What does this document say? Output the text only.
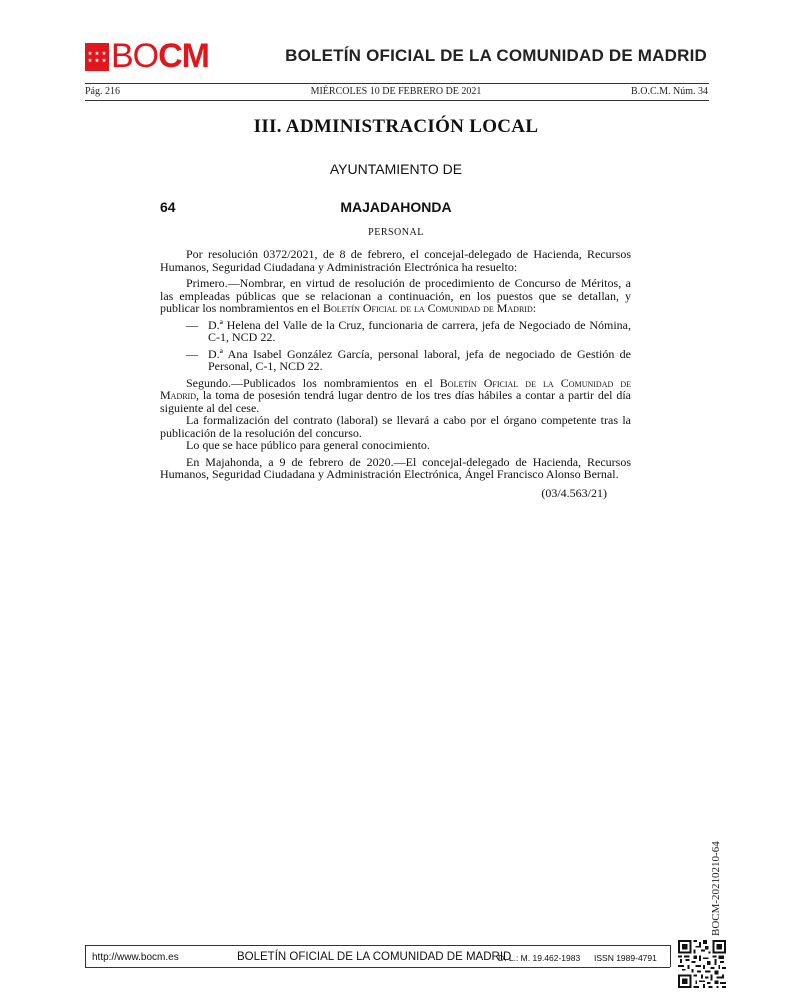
BOCM	BOLETÍN OFICIAL DE LA COMUNIDAD DE MADRID
Pág. 216	MIÉRCOLES 10 DE FEBRERO DE 2021	B.O.C.M. Núm. 34
III. ADMINISTRACIÓN LOCAL
AYUNTAMIENTO DE
64	MAJADAHONDA
PERSONAL

Por resolución 0372/2021, de 8 de febrero, el concejal-delegado de Hacienda, Recursos Humanos, Seguridad Ciudadana y Administración Electrónica ha resuelto:

Primero.—Nombrar, en virtud de resolución de procedimiento de Concurso de Méritos, a las empleadas públicas que se relacionan a continuación, en los puestos que se detallan, y publicar los nombramientos en el Boletín Oficial de la Comunidad de Madrid:

— D.ª Helena del Valle de la Cruz, funcionaria de carrera, jefa de Negociado de Nómina, C-1, NCD 22.
— D.ª Ana Isabel González García, personal laboral, jefa de negociado de Gestión de Personal, C-1, NCD 22.

Segundo.—Publicados los nombramientos en el Boletín Oficial de la Comunidad de Madrid, la toma de posesión tendrá lugar dentro de los tres días hábiles a contar a partir del día siguiente al del cese.

La formalización del contrato (laboral) se llevará a cabo por el órgano competente tras la publicación de la resolución del concurso.

Lo que se hace público para general conocimiento.

En Majahonda, a 9 de febrero de 2020.—El concejal-delegado de Hacienda, Recursos Humanos, Seguridad Ciudadana y Administración Electrónica, Ángel Francisco Alonso Bernal.

(03/4.563/21)

BOCM-20210210-64
http://www.bocm.es	BOLETÍN OFICIAL DE LA COMUNIDAD DE MADRID
D. L.: M. 19.462-1983 ISSN 1989-4791
